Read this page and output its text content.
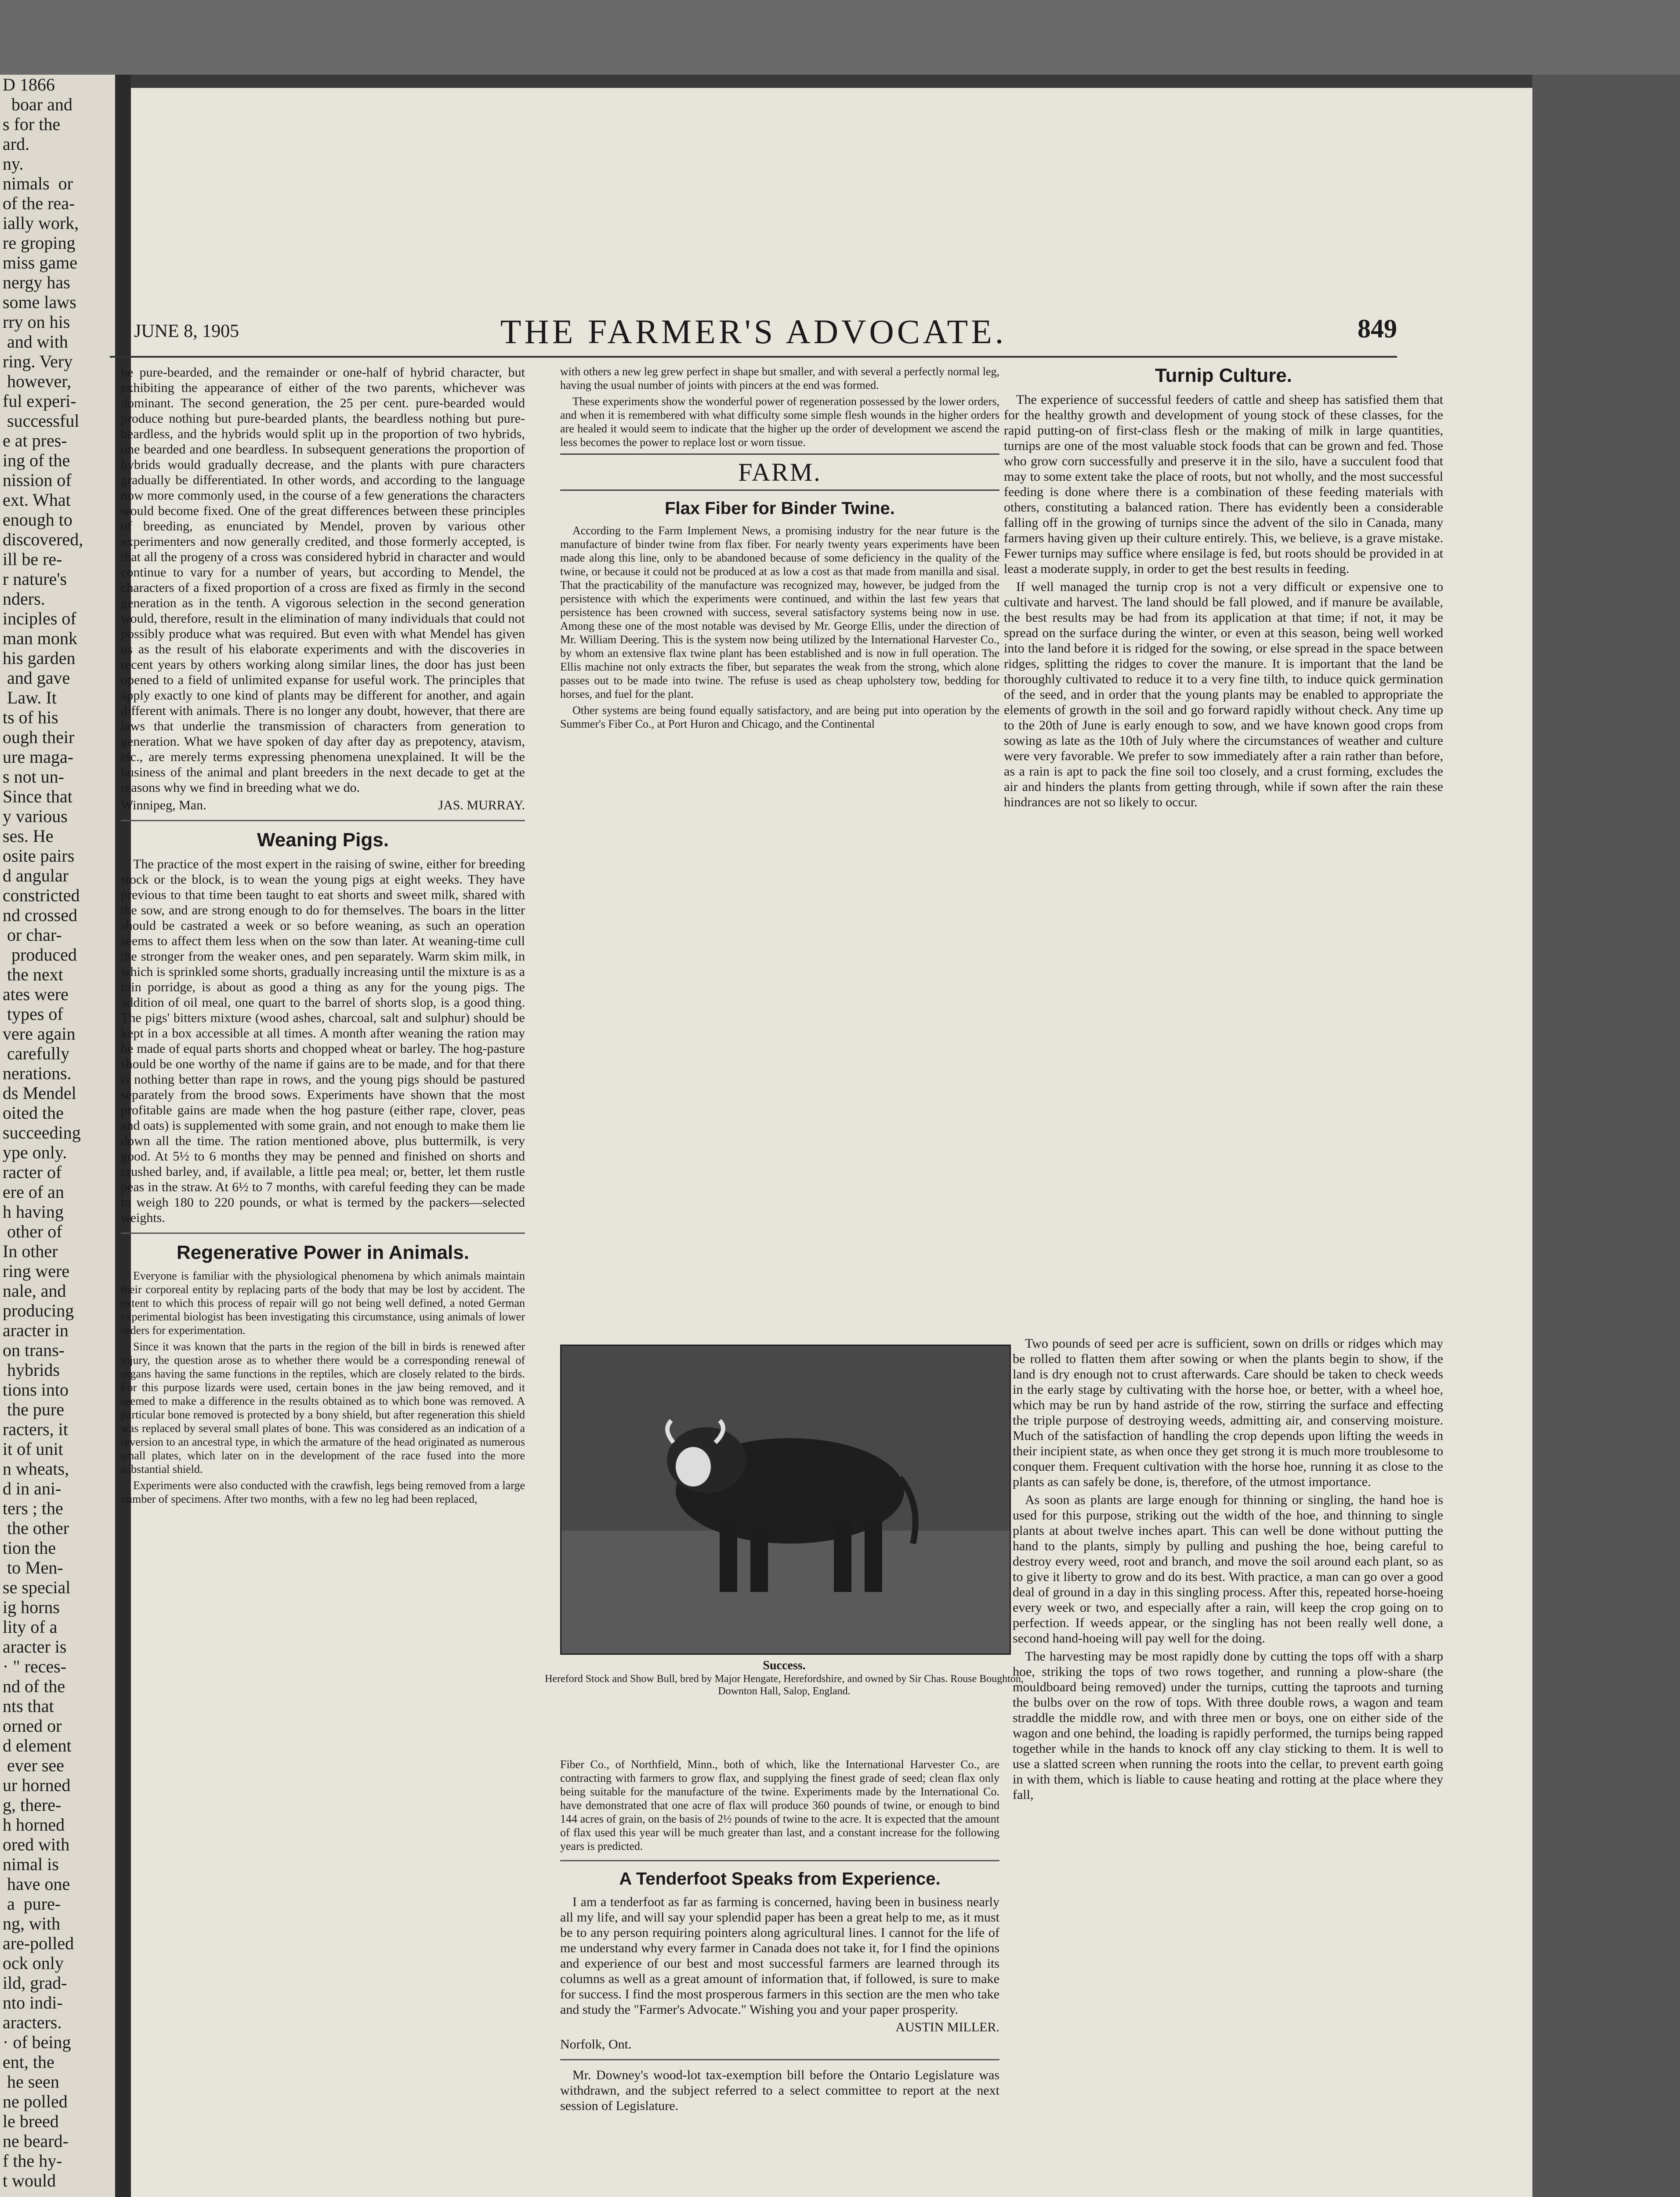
D 1866
boar and
s for the
ard.
ny.
nimals  or
of the rea-
ially work,
re groping
miss game
nergy has
some laws
rry on his
and with
ring. Very
however,
ful experi-
successful
e at pres-
ing of the
nission of
ext. What
enough to
discovered,
ill be re-
r nature's
nders.
inciples of
man monk
his garden
and gave
Law. It
ts of his
ough their
ure maga-
s not un-
Since that
y various
ses. He
osite pairs
d angular
constricted
nd crossed
or char-
produced
the next
ates were
types of
vere again
carefully
nerations.
ds Mendel
oited the
succeeding
ype only.
racter of
ere of an
h having
other of
In other
ring were
nale, and
producing
aracter in
on trans-
hybrids
tions into
the pure
racters, it
it of unit
n wheats,
d in ani-
ters ; the
the other
tion the
to Men-
se special
ig horns
lity of a
aracter is
· " reces-
nd of the
nts that
orned or
d element
ever see
ur horned
g, there-
h horned
ored with
nimal is
have one
a  pure-
ng, with
are-polled
ock only
ild, grad-
nto indi-
aracters.
· of being
ent, the
he seen
ne polled
le breed
ne beard-
f the hy-
t would
JUNE 8, 1905	THE FARMER'S ADVOCATE.	849

be pure-bearded, and the remainder or one-half of hybrid character, but exhibiting the appearance of either of the two parents, whichever was dominant. The second generation, the 25 per cent. pure-bearded would produce nothing but pure-bearded plants, the beardless nothing but pure-beardless, and the hybrids would split up in the proportion of two hybrids, one bearded and one beardless. In subsequent generations the proportion of hybrids would gradually decrease, and the plants with pure characters gradually be differentiated. In other words, and according to the language now more commonly used, in the course of a few generations the characters would become fixed. One of the great differences between these principles of breeding, as enunciated by Mendel, proven by various other experimenters and now generally credited, and those formerly accepted, is that all the progeny of a cross was considered hybrid in character and would continue to vary for a number of years, but according to Mendel, the characters of a fixed proportion of a cross are fixed as firmly in the second generation as in the tenth. A vigorous selection in the second generation would, therefore, result in the elimination of many individuals that could not possibly produce what was required. But even with what Mendel has given us as the result of his elaborate experiments and with the discoveries in recent years by others working along similar lines, the door has just been opened to a field of unlimited expanse for useful work. The principles that apply exactly to one kind of plants may be different for another, and again different with animals. There is no longer any doubt, however, that there are laws that underlie the transmission of characters from generation to generation. What we have spoken of day after day as prepotency, atavism, etc., are merely terms expressing phenomena unexplained. It will be the business of the animal and plant breeders in the next decade to get at the reasons why we find in breeding what we do.

Winnipeg, Man.	JAS. MURRAY.
Weaning Pigs.

The practice of the most expert in the raising of swine, either for breeding stock or the block, is to wean the young pigs at eight weeks. They have previous to that time been taught to eat shorts and sweet milk, shared with the sow, and are strong enough to do for themselves. The boars in the litter should be castrated a week or so before weaning, as such an operation seems to affect them less when on the sow than later. At weaning-time cull the stronger from the weaker ones, and pen separately. Warm skim milk, in which is sprinkled some shorts, gradually increasing until the mixture is as a thin porridge, is about as good a thing as any for the young pigs. The addition of oil meal, one quart to the barrel of shorts slop, is a good thing. The pigs' bitters mixture (wood ashes, charcoal, salt and sulphur) should be kept in a box accessible at all times. A month after weaning the ration may be made of equal parts shorts and chopped wheat or barley. The hog-pasture should be one worthy of the name if gains are to be made, and for that there is nothing better than rape in rows, and the young pigs should be pastured separately from the brood sows. Experiments have shown that the most profitable gains are made when the hog pasture (either rape, clover, peas and oats) is supplemented with some grain, and not enough to make them lie down all the time. The ration mentioned above, plus buttermilk, is very good. At 5½ to 6 months they may be penned and finished on shorts and crushed barley, and, if available, a little pea meal; or, better, let them rustle peas in the straw. At 6½ to 7 months, with careful feeding they can be made to weigh 180 to 220 pounds, or what is termed by the packers—selected weights.

Regenerative Power in Animals.

Everyone is familiar with the physiological phenomena by which animals maintain their corporeal entity by replacing parts of the body that may be lost by accident. The extent to which this process of repair will go not being well defined, a noted German experimental biologist has been investigating this circumstance, using animals of lower orders for experimentation.

Since it was known that the parts in the region of the bill in birds is renewed after injury, the question arose as to whether there would be a corresponding renewal of organs having the same functions in the reptiles, which are closely related to the birds. For this purpose lizards were used, certain bones in the jaw being removed, and it seemed to make a difference in the results obtained as to which bone was removed. A particular bone removed is protected by a bony shield, but after regeneration this shield was replaced by several small plates of bone. This was considered as an indication of a reversion to an ancestral type, in which the armature of the head originated as numerous small plates, which later on in the development of the race fused into the more substantial shield.

Experiments were also conducted with the crawfish, legs being removed from a large number of specimens. After two months, with a few no leg had been replaced,

with others a new leg grew perfect in shape but smaller, and with several a perfectly normal leg, having the usual number of joints with pincers at the end was formed.

These experiments show the wonderful power of regeneration possessed by the lower orders, and when it is remembered with what difficulty some simple flesh wounds in the higher orders are healed it would seem to indicate that the higher up the order of development we ascend the less becomes the power to replace lost or worn tissue.

FARM.
Flax Fiber for Binder Twine.

According to the Farm Implement News, a promising industry for the near future is the manufacture of binder twine from flax fiber. For nearly twenty years experiments have been made along this line, only to be abandoned because of some deficiency in the quality of the twine, or because it could not be produced at as low a cost as that made from manilla and sisal. That the practicability of the manufacture was recognized may, however, be judged from the persistence with which the experiments were continued, and within the last few years that persistence has been crowned with success, several satisfactory systems being now in use. Among these one of the most notable was devised by Mr. George Ellis, under the direction of Mr. William Deering. This is the system now being utilized by the International Harvester Co., by whom an extensive flax twine plant has been established and is now in full operation. The Ellis machine not only extracts the fiber, but separates the weak from the strong, which alone passes out to be made into twine. The refuse is used as cheap upholstery tow, bedding for horses, and fuel for the plant.

Other systems are being found equally satisfactory, and are being put into operation by the Summer's Fiber Co., at Port Huron and Chicago, and the Continental

Success.
Hereford Stock and Show Bull, bred by Major Hengate, Herefordshire, and owned by Sir Chas. Rouse Boughton, Downton Hall, Salop, England.

Fiber Co., of Northfield, Minn., both of which, like the International Harvester Co., are contracting with farmers to grow flax, and supplying the finest grade of seed; clean flax only being suitable for the manufacture of the twine. Experiments made by the International Co. have demonstrated that one acre of flax will produce 360 pounds of twine, or enough to bind 144 acres of grain, on the basis of 2½ pounds of twine to the acre. It is expected that the amount of flax used this year will be much greater than last, and a constant increase for the following years is predicted.

A Tenderfoot Speaks from Experience.

I am a tenderfoot as far as farming is concerned, having been in business nearly all my life, and will say your splendid paper has been a great help to me, as it must be to any person requiring pointers along agricultural lines. I cannot for the life of me understand why every farmer in Canada does not take it, for I find the opinions and experience of our best and most successful farmers are learned through its columns as well as a great amount of information that, if followed, is sure to make for success. I find the most prosperous farmers in this section are the men who take and study the "Farmer's Advocate." Wishing you and your paper prosperity.

AUSTIN MILLER.

Norfolk, Ont.

Mr. Downey's wood-lot tax-exemption bill before the Ontario Legislature was withdrawn, and the subject referred to a select committee to report at the next session of Legislature.

Turnip Culture.

The experience of successful feeders of cattle and sheep has satisfied them that for the healthy growth and development of young stock of these classes, for the rapid putting-on of first-class flesh or the making of milk in large quantities, turnips are one of the most valuable stock foods that can be grown and fed. Those who grow corn successfully and preserve it in the silo, have a succulent food that may to some extent take the place of roots, but not wholly, and the most successful feeding is done where there is a combination of these feeding materials with others, constituting a balanced ration. There has evidently been a considerable falling off in the growing of turnips since the advent of the silo in Canada, many farmers having given up their culture entirely. This, we believe, is a grave mistake. Fewer turnips may suffice where ensilage is fed, but roots should be provided in at least a moderate supply, in order to get the best results in feeding.

If well managed the turnip crop is not a very difficult or expensive one to cultivate and harvest. The land should be fall plowed, and if manure be available, the best results may be had from its application at that time; if not, it may be spread on the surface during the winter, or even at this season, being well worked into the land before it is ridged for the sowing, or else spread in the space between ridges, splitting the ridges to cover the manure. It is important that the land be thoroughly cultivated to reduce it to a very fine tilth, to induce quick germination of the seed, and in order that the young plants may be enabled to appropriate the elements of growth in the soil and go forward rapidly without check. Any time up to the 20th of June is early enough to sow, and we have known good crops from sowing as late as the 10th of July where the circumstances of weather and culture were very favorable. We prefer to sow immediately after a rain rather than before, as a rain is apt to pack the fine soil too closely, and a crust forming, excludes the air and hinders the plants from getting through, while if sown after the rain these hindrances are not so likely to occur.

Two pounds of seed per acre is sufficient, sown on drills or ridges which may be rolled to flatten them after sowing or when the plants begin to show, if the land is dry enough not to crust afterwards. Care should be taken to check weeds in the early stage by cultivating with the horse hoe, or better, with a wheel hoe, which may be run by hand astride of the row, stirring the surface and effecting the triple purpose of destroying weeds, admitting air, and conserving moisture. Much of the satisfaction of handling the crop depends upon lifting the weeds in their incipient state, as when once they get strong it is much more troublesome to conquer them. Frequent cultivation with the horse hoe, running it as close to the plants as can safely be done, is, therefore, of the utmost importance.

As soon as plants are large enough for thinning or singling, the hand hoe is used for this purpose, striking out the width of the hoe, and thinning to single plants at about twelve inches apart. This can well be done without putting the hand to the plants, simply by pulling and pushing the hoe, being careful to destroy every weed, root and branch, and move the soil around each plant, so as to give it liberty to grow and do its best. With practice, a man can go over a good deal of ground in a day in this singling process. After this, repeated horse-hoeing every week or two, and especially after a rain, will keep the crop going on to perfection. If weeds appear, or the singling has not been really well done, a second hand-hoeing will pay well for the doing.

The harvesting may be most rapidly done by cutting the tops off with a sharp hoe, striking the tops of two rows together, and running a plow-share (the mouldboard being removed) under the turnips, cutting the taproots and turning the bulbs over on the row of tops. With three double rows, a wagon and team straddle the middle row, and with three men or boys, one on either side of the wagon and one behind, the loading is rapidly performed, the turnips being rapped together while in the hands to knock off any clay sticking to them. It is well to use a slatted screen when running the roots into the cellar, to prevent earth going in with them, which is liable to cause heating and rotting at the place where they fall,
